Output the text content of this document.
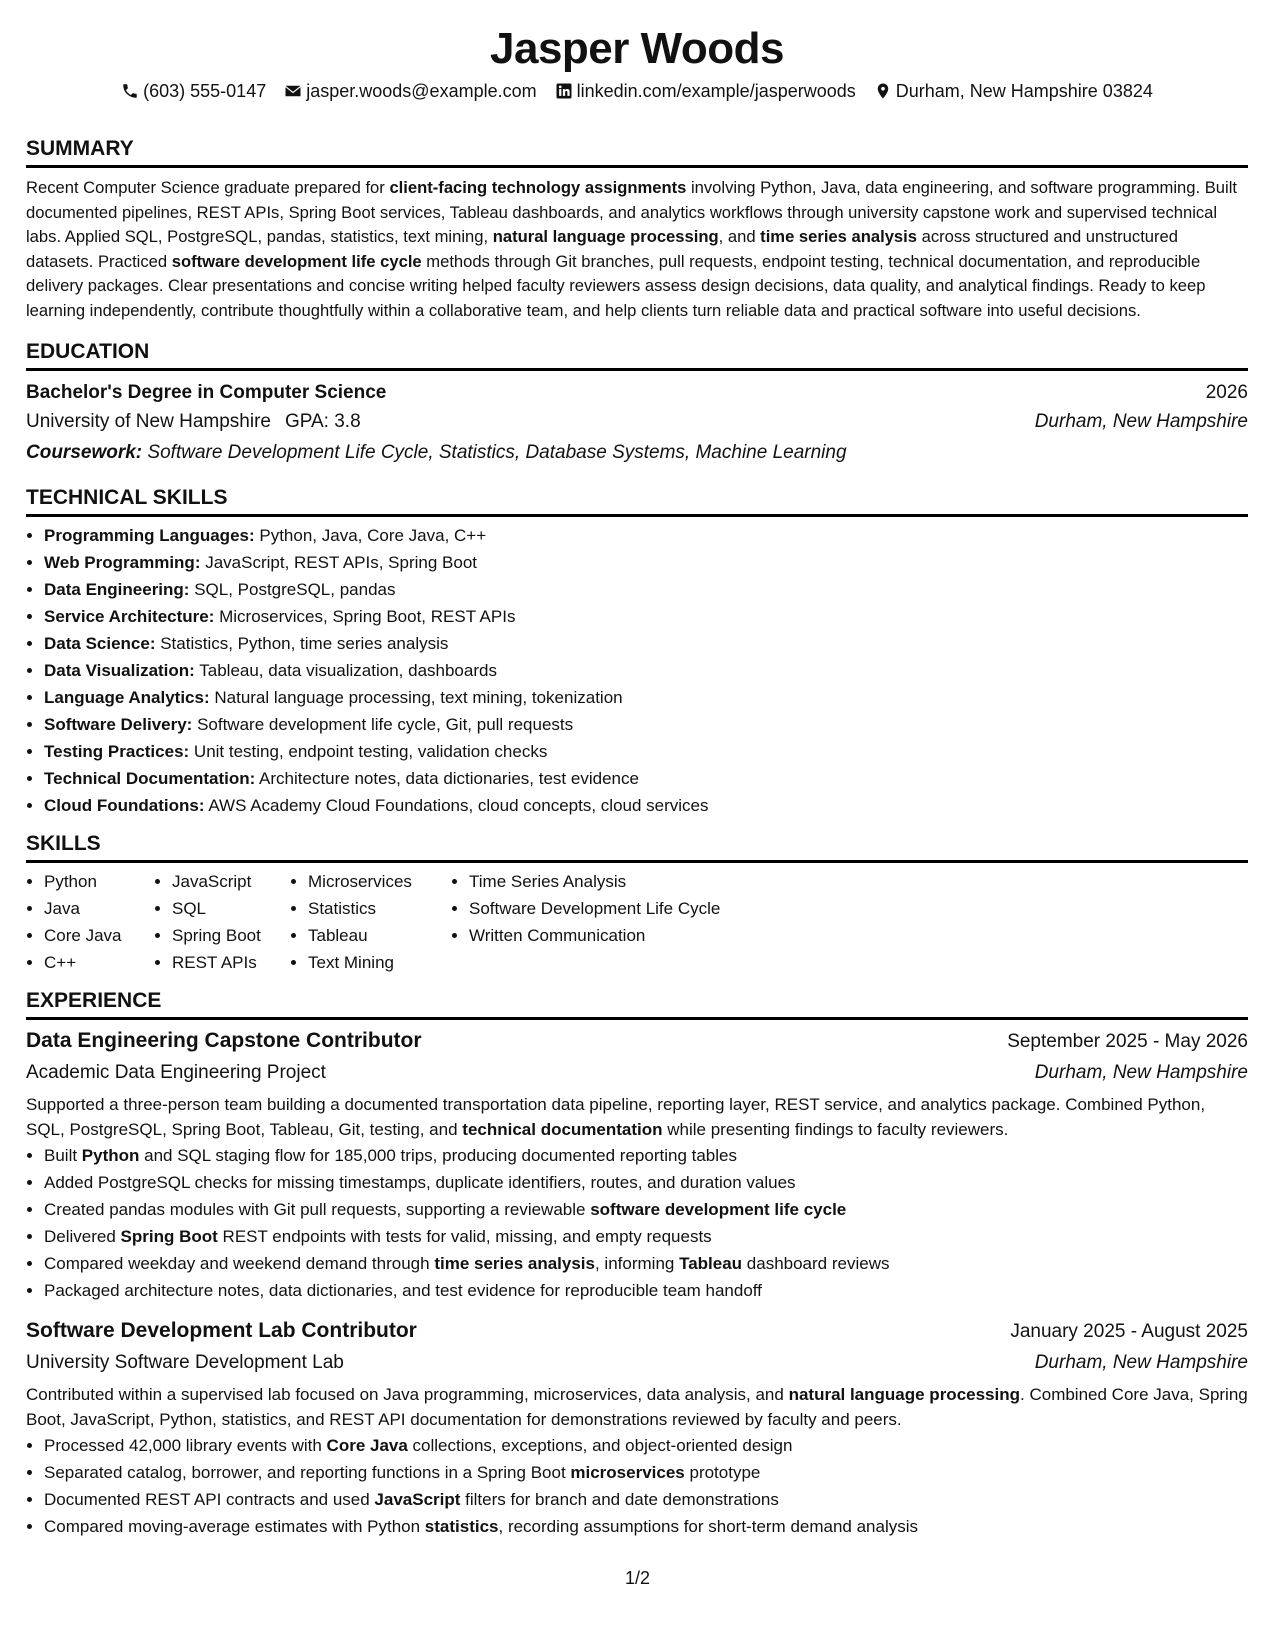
Jasper Woods
(603) 555-0147 jasper.woods@example.com linkedin.com/example/jasperwoods Durham, New Hampshire 03824
SUMMARY
Recent Computer Science graduate prepared for client-facing technology assignments involving Python, Java, data engineering, and software programming. Built documented pipelines, REST APIs, Spring Boot services, Tableau dashboards, and analytics workflows through university capstone work and supervised technical labs. Applied SQL, PostgreSQL, pandas, statistics, text mining, natural language processing, and time series analysis across structured and unstructured datasets. Practiced software development life cycle methods through Git branches, pull requests, endpoint testing, technical documentation, and reproducible delivery packages. Clear presentations and concise writing helped faculty reviewers assess design decisions, data quality, and analytical findings. Ready to keep learning independently, contribute thoughtfully within a collaborative team, and help clients turn reliable data and practical software into useful decisions.
EDUCATION
Bachelor's Degree in Computer Science	2026
University of New Hampshire GPA: 3.8	Durham, New Hampshire
Coursework: Software Development Life Cycle, Statistics, Database Systems, Machine Learning
TECHNICAL SKILLS
• Programming Languages: Python, Java, Core Java, C++
• Web Programming: JavaScript, REST APIs, Spring Boot
• Data Engineering: SQL, PostgreSQL, pandas
• Service Architecture: Microservices, Spring Boot, REST APIs
• Data Science: Statistics, Python, time series analysis
• Data Visualization: Tableau, data visualization, dashboards
• Language Analytics: Natural language processing, text mining, tokenization
• Software Delivery: Software development life cycle, Git, pull requests
• Testing Practices: Unit testing, endpoint testing, validation checks
• Technical Documentation: Architecture notes, data dictionaries, test evidence
• Cloud Foundations: AWS Academy Cloud Foundations, cloud concepts, cloud services
SKILLS
• Python
• Java
• Core Java
• C++
• JavaScript
• SQL
• Spring Boot
• REST APIs
• Microservices
• Statistics
• Tableau
• Text Mining
• Time Series Analysis
• Software Development Life Cycle
• Written Communication
EXPERIENCE
Data Engineering Capstone Contributor	September 2025 - May 2026
Academic Data Engineering Project	Durham, New Hampshire
Supported a three-person team building a documented transportation data pipeline, reporting layer, REST service, and analytics package. Combined Python, SQL, PostgreSQL, Spring Boot, Tableau, Git, testing, and technical documentation while presenting findings to faculty reviewers.
• Built Python and SQL staging flow for 185,000 trips, producing documented reporting tables
• Added PostgreSQL checks for missing timestamps, duplicate identifiers, routes, and duration values
• Created pandas modules with Git pull requests, supporting a reviewable software development life cycle
• Delivered Spring Boot REST endpoints with tests for valid, missing, and empty requests
• Compared weekday and weekend demand through time series analysis, informing Tableau dashboard reviews
• Packaged architecture notes, data dictionaries, and test evidence for reproducible team handoff
Software Development Lab Contributor	January 2025 - August 2025
University Software Development Lab	Durham, New Hampshire
Contributed within a supervised lab focused on Java programming, microservices, data analysis, and natural language processing. Combined Core Java, Spring Boot, JavaScript, Python, statistics, and REST API documentation for demonstrations reviewed by faculty and peers.
• Processed 42,000 library events with Core Java collections, exceptions, and object-oriented design
• Separated catalog, borrower, and reporting functions in a Spring Boot microservices prototype
• Documented REST API contracts and used JavaScript filters for branch and date demonstrations
• Compared moving-average estimates with Python statistics, recording assumptions for short-term demand analysis
1/2
